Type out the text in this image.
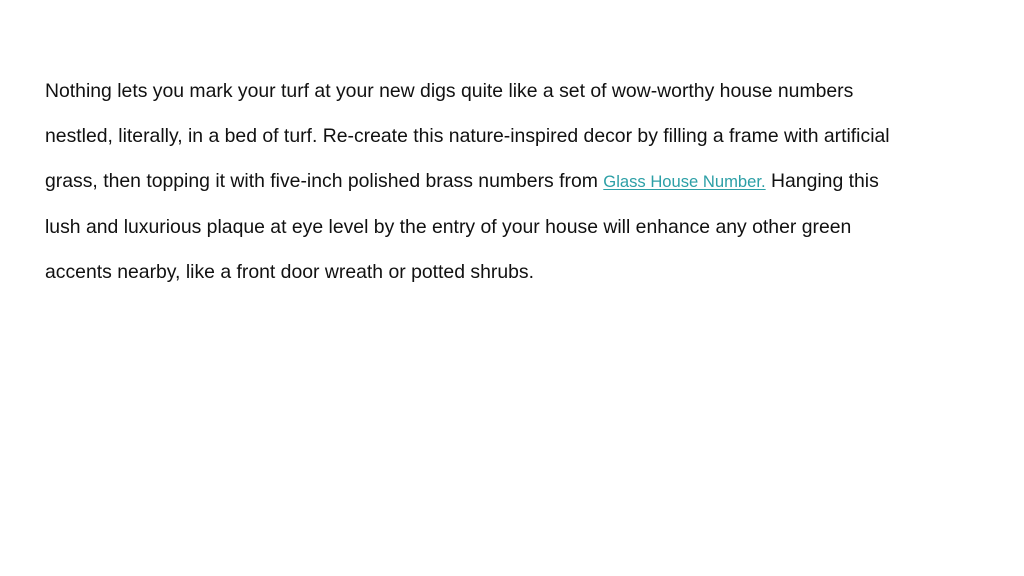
Nothing lets you mark your turf at your new digs quite like a set of wow-worthy house numbers
nestled, literally, in a bed of turf. Re-create this nature-inspired decor by filling a frame with artificial
grass, then topping it with five-inch polished brass numbers from Glass House Number. Hanging this
lush and luxurious plaque at eye level by the entry of your house will enhance any other green
accents nearby, like a front door wreath or potted shrubs.
